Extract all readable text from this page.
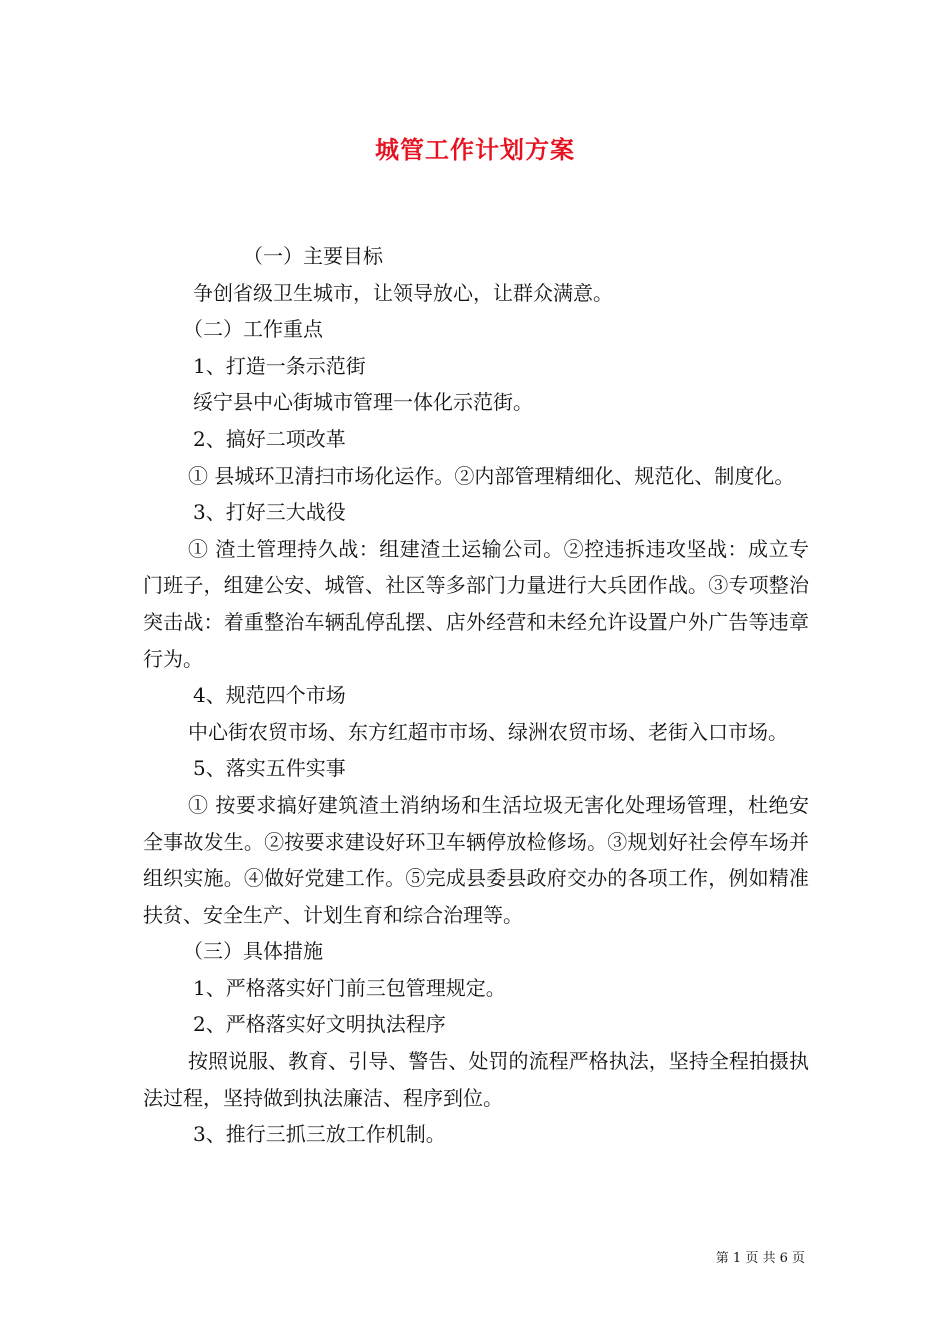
城管工作计划方案

（一）主要目标

争创省级卫生城市，让领导放心，让群众满意。

（二）工作重点

1、打造一条示范街

绥宁县中心街城市管理一体化示范街。

2、搞好二项改革

① 县城环卫清扫市场化运作。②内部管理精细化、规范化、制度化。

3、打好三大战役

① 渣土管理持久战：组建渣土运输公司。②控违拆违攻坚战：成立专门班子，组建公安、城管、社区等多部门力量进行大兵团作战。③专项整治突击战：着重整治车辆乱停乱摆、店外经营和未经允许设置户外广告等违章行为。

4、规范四个市场

中心街农贸市场、东方红超市市场、绿洲农贸市场、老街入口市场。

5、落实五件实事

① 按要求搞好建筑渣土消纳场和生活垃圾无害化处理场管理，杜绝安全事故发生。②按要求建设好环卫车辆停放检修场。③规划好社会停车场并组织实施。④做好党建工作。⑤完成县委县政府交办的各项工作，例如精准扶贫、安全生产、计划生育和综合治理等。

（三）具体措施

1、严格落实好门前三包管理规定。

2、严格落实好文明执法程序

按照说服、教育、引导、警告、处罚的流程严格执法，坚持全程拍摄执法过程，坚持做到执法廉洁、程序到位。

3、推行三抓三放工作机制。

第 1 页 共 6 页
